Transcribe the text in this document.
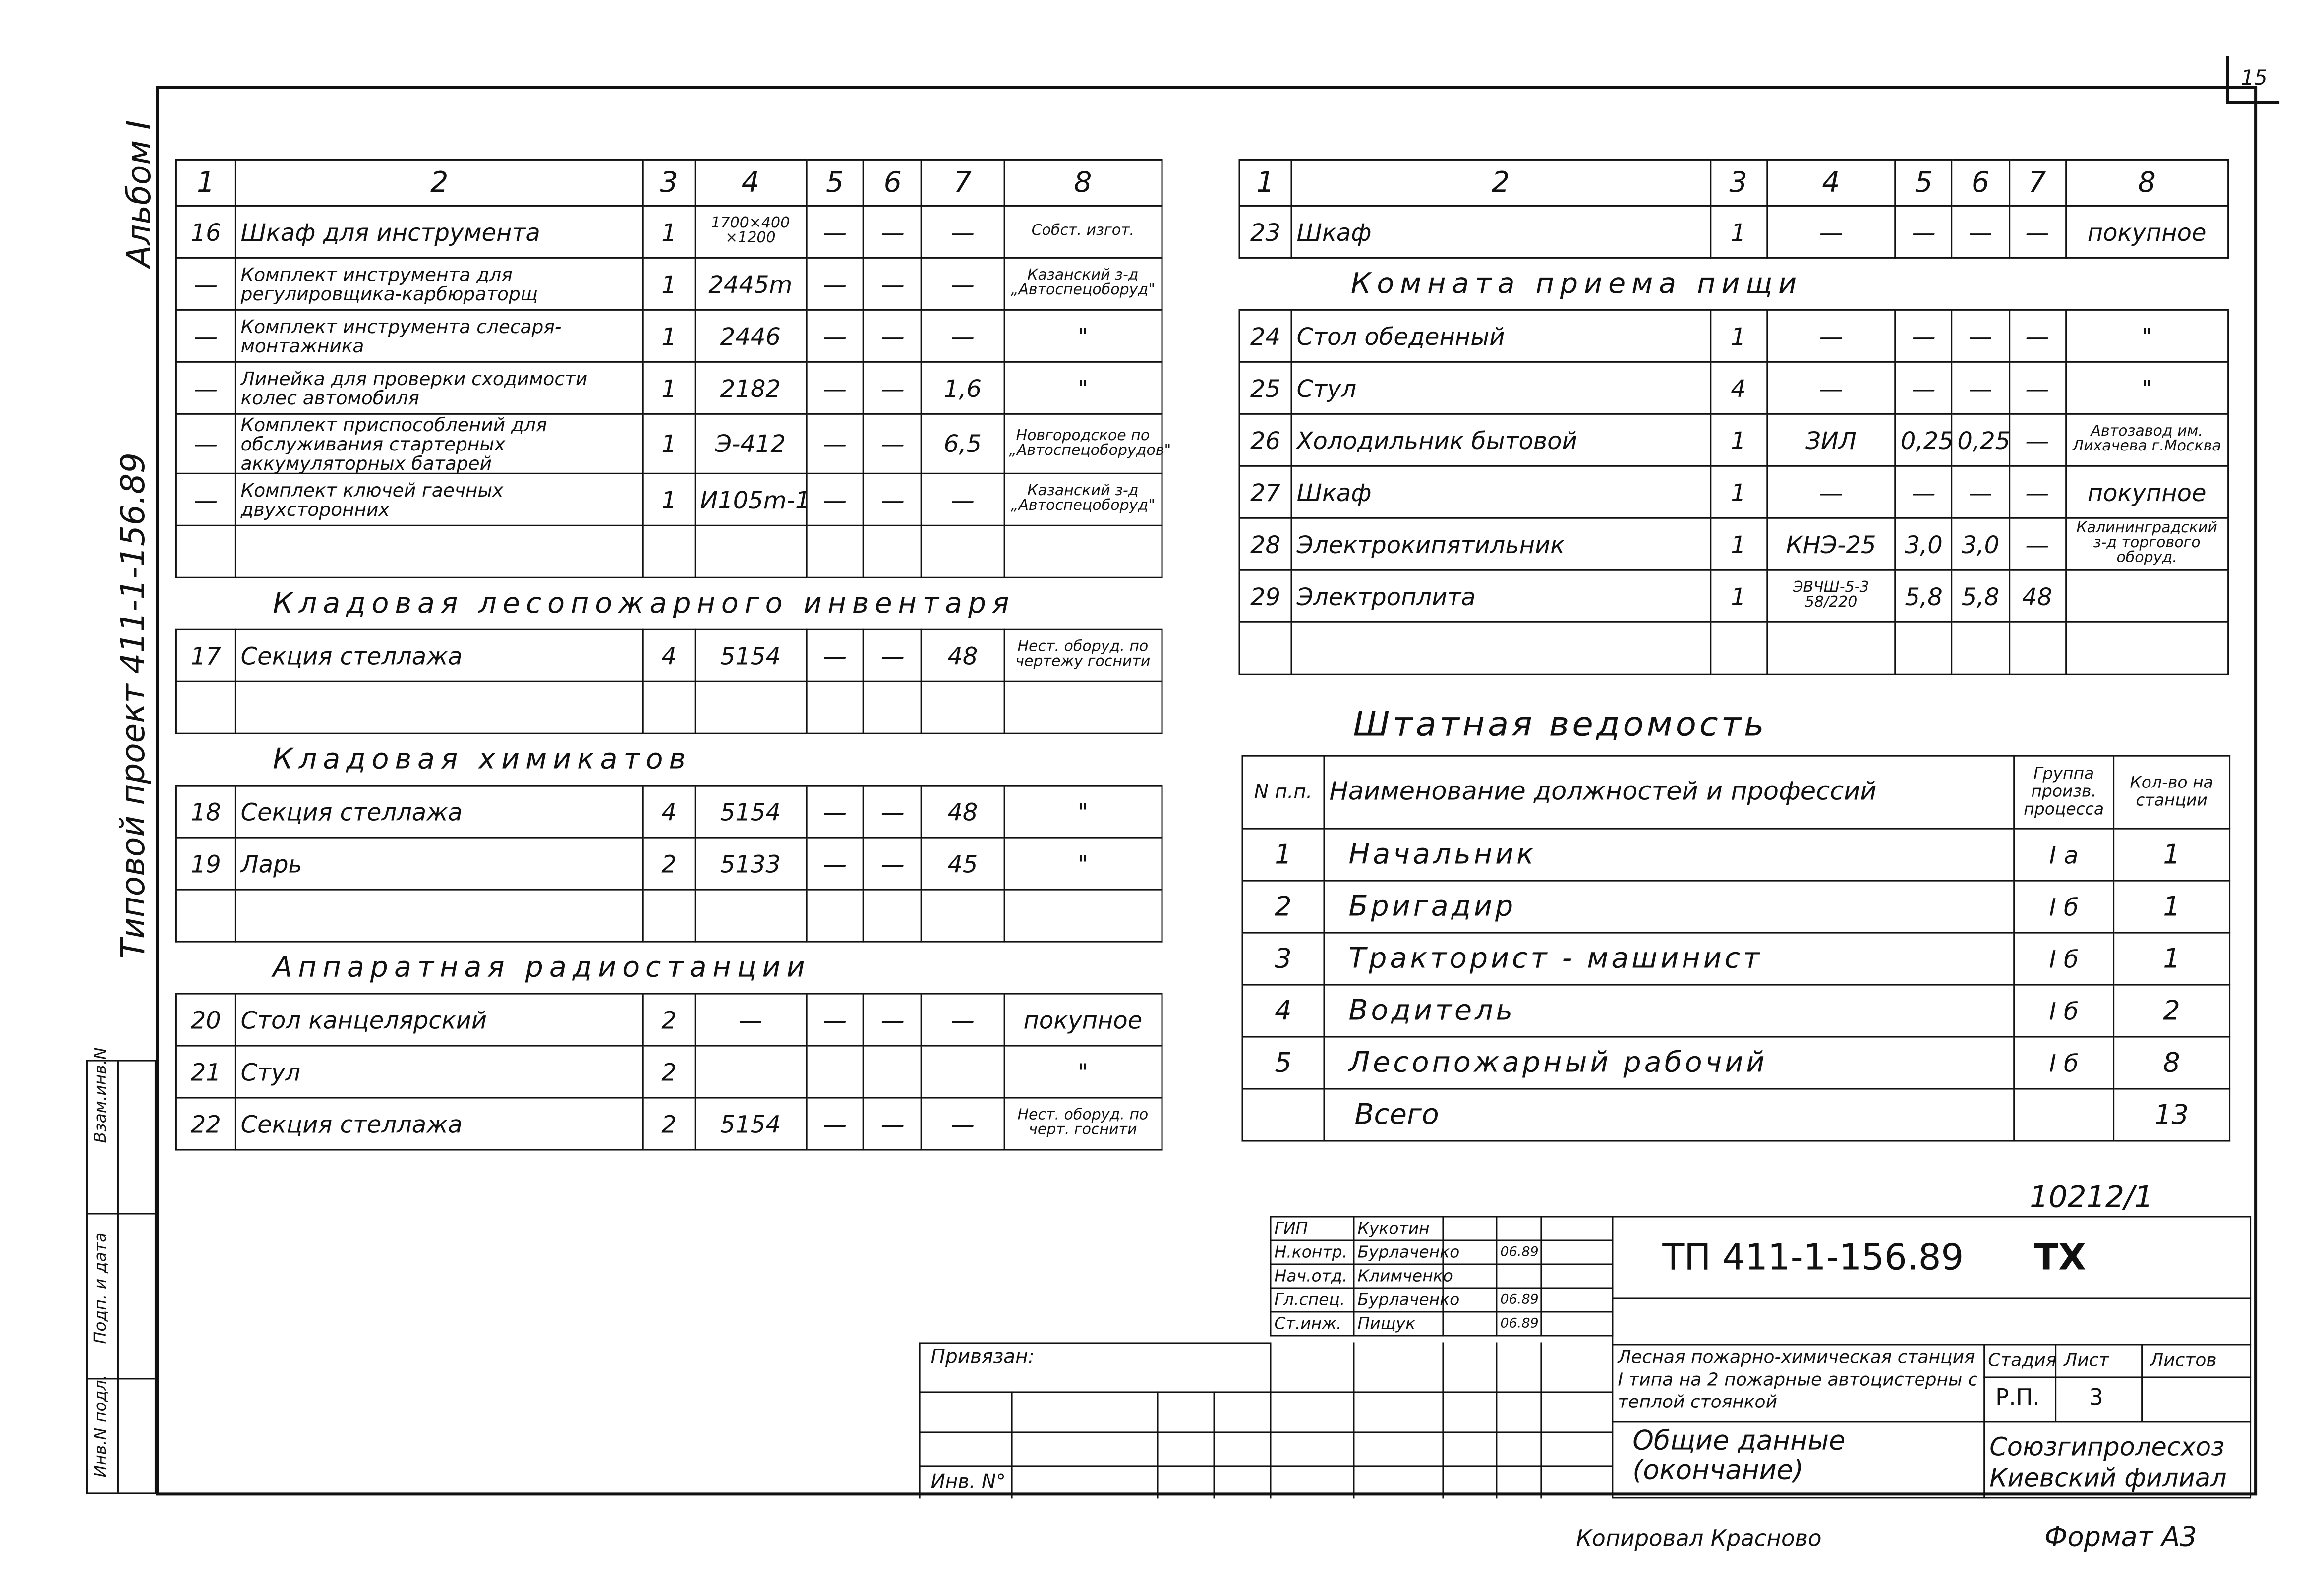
15
Альбом I
Типовой проект 411-1-156.89
Взам.инв.N
Подп. и дата
Инв.N подл.
1	2	3	4	5	6	7	8
16	Шкаф для инструмента	1	1700×400 ×1200	—	—	—	Собст. изгот.
—	Комплект инструмента для регулировщика-карбюраторщ	1	2445m	—	—	—	Казанский з-д „Автоспецоборуд"
—	Комплект инструмента слесаря-монтажника	1	2446	—	—	—	"
—	Линейка для проверки сходимости колес автомобиля	1	2182	—	—	1,6	"
—	Комплект приспособлений для обслуживания стартерных аккумуляторных батарей	1	Э-412	—	—	6,5	Новгородское по „Автоспецоборудов"
—	Комплект ключей гаечных двухсторонних	1	И105m-1	—	—	—	Казанский з-д „Автоспецоборуд"

Кладовая лесопожарного инвентаря							
17	Секция стеллажа	4	5154	—	—	48	Нест. оборуд. по чертежу госнити

Кладовая химикатов							
18	Секция стеллажа	4	5154	—	—	48	"
19	Ларь	2	5133	—	—	45	"

Аппаратная радиостанции							
20	Стол канцелярский	2	—	—	—	—	покупное
21	Стул	2					"
22	Секция стеллажа	2	5154	—	—	—	Нест. оборуд. по черт. госнити
1	2	3	4	5	6	7	8
23	Шкаф	1	—	—	—	—	покупное
Комната приема пищи							
24	Стол обеденный	1	—	—	—	—	"
25	Стул	4	—	—	—	—	"
26	Холодильник бытовой	1	ЗИЛ	0,25	0,25	—	Автозавод им. Лихачева г.Москва
27	Шкаф	1	—	—	—	—	покупное
28	Электрокипятильник	1	КНЭ-25	3,0	3,0	—	Калининградский з-д торгового оборуд.
29	Электроплита	1	ЭВЧШ-5-3 58/220	5,8	5,8	48	

Штатная ведомость
N п.п.	Наименование должностей и профессий	Группа произв. процесса	Кол-во на станции
1	Начальник	I а	1
2	Бригадир	I б	1
3	Тракторист - машинист	I б	1
4	Водитель	I б	2
5	Лесопожарный рабочий	I б	8
	Всего		13
10212/1
ГИП	Кукотин			
Н.контр.	Бурлаченко		06.89	
Нач.отд.	Климченко			
Гл.спец.	Бурлаченко		06.89	
Ст.инж.	Пищук		06.89	
Привязан:
Инв. N°
ТП 411-1-156.89	ТХ
Лесная пожарно-химическая станция I типа на 2 пожарные автоцистерны с теплой стоянкой
Стадия Лист	Листов
Р.П.	3
Общие данные (окончание)
Союзгипролесхоз Киевский филиал
Копировал Красново	Формат А3
